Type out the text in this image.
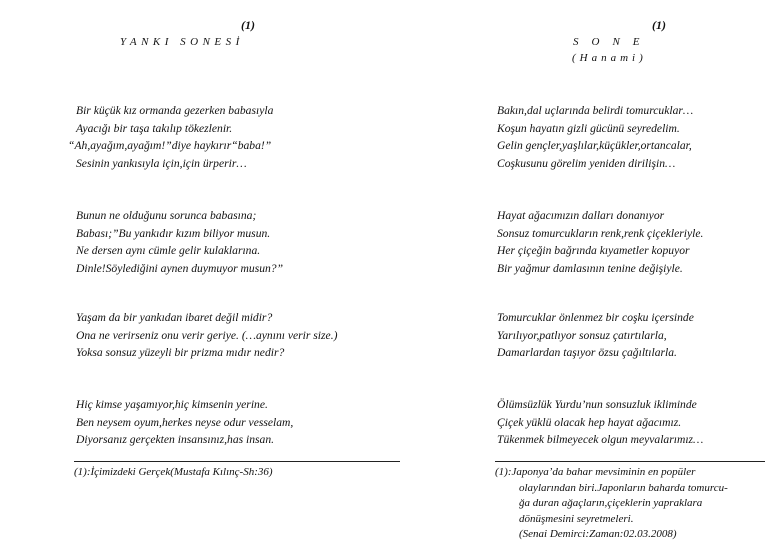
(1)
YANKI SONESİ
Bir küçük kız ormanda gezerken babasıyla
Ayacığı bir taşa takılıp tökezlenir.
“Ah,ayağım,ayağım!”diye haykırır“baba!”
Sesinin yankısıyla için,için ürperir…
Bunun ne olduğunu sorunca babasına;
Babası;”Bu yankıdır kızım biliyor musun.
Ne dersen aynı cümle gelir kulaklarına.
Dinle!Söylediğini aynen duymuyor musun?”
Yaşam da bir yankıdan ibaret değil midir?
Ona ne verirseniz onu verir geriye. (…aynını verir size.)
Yoksa sonsuz yüzeyli bir prizma mıdır nedir?
Hiç kimse yaşamıyor,hiç kimsenin yerine.
Ben neysem oyum,herkes neyse odur vesselam,
Diyorsanız gerçekten insansınız,has insan.
(1):İçimizdeki Gerçek(Mustafa Kılınç-Sh:36)
(1)
SONE
(Hanami)
Bakın,dal uçlarında belirdi tomurcuklar…
Koşun hayatın gizli gücünü seyredelim.
Gelin gençler,yaşlılar,küçükler,ortancalar,
Coşkusunu görelim yeniden dirilişin…
Hayat ağacımızın dalları donanıyor
Sonsuz tomurcukların renk,renk çiçekleriyle.
Her çiçeğin bağrında kıyametler kopuyor
Bir yağmur damlasının tenine değişiyle.
Tomurcuklar önlenmez bir coşku içersinde
Yarılıyor,patlıyor sonsuz çatırtılarla,
Damarlardan taşıyor özsu çağıltılarla.
Ölümsüzlük Yurdu’nun sonsuzluk ikliminde
Çiçek yüklü olacak hep hayat ağacımız.
Tükenmek bilmeyecek olgun meyvalarımız…
(1):Japonya’da bahar mevsiminin en popüler
olaylarından biri.Japonların baharda tomurcu-
ğa duran ağaçların,çiçeklerin yapraklara
dönüşmesini seyretmeleri.
(Senai Demirci:Zaman:02.03.2008)
